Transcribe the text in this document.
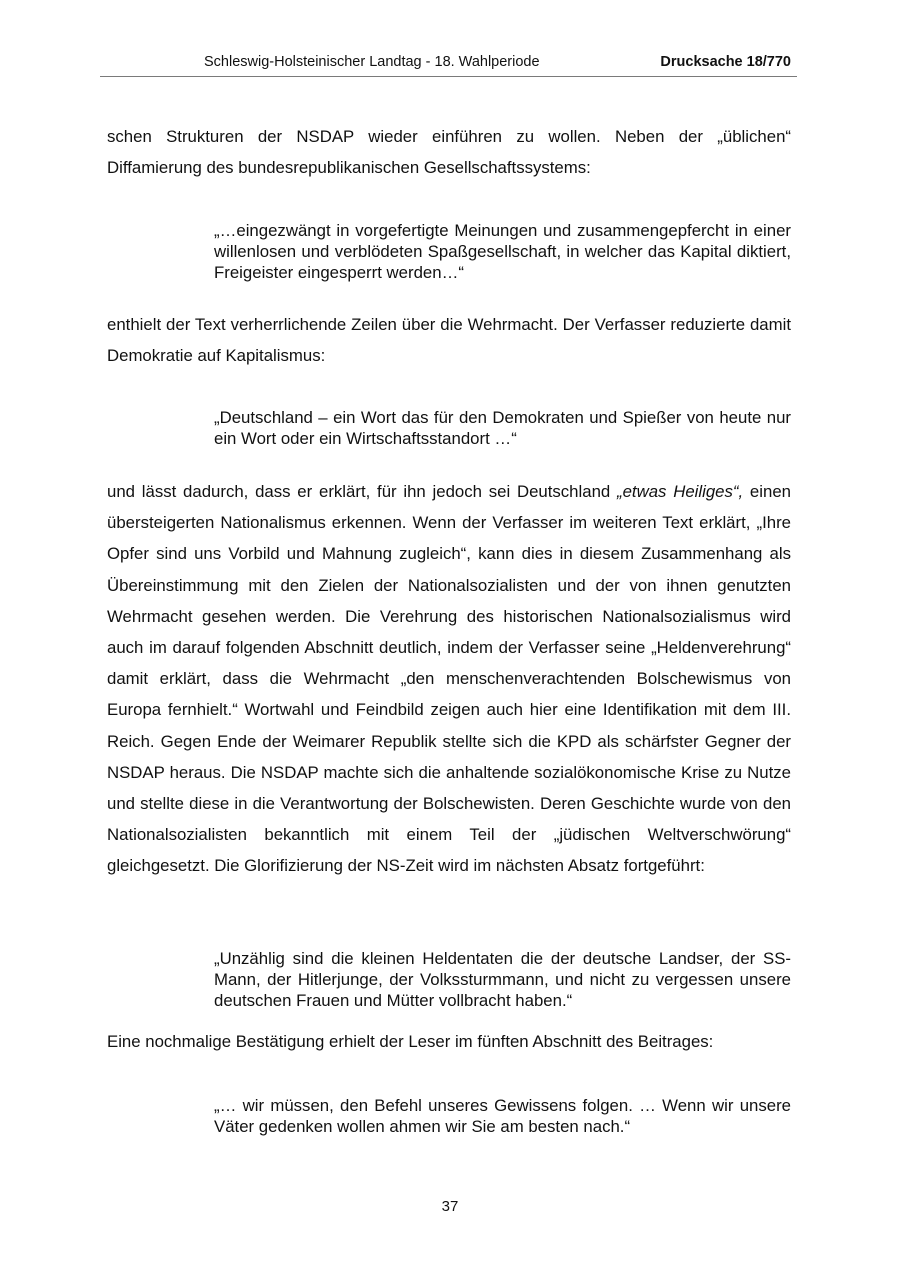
Schleswig-Holsteinischer Landtag - 18. Wahlperiode	Drucksache 18/770

schen Strukturen der NSDAP wieder einführen zu wollen. Neben der „üblichen“ Diffamierung des bundesrepublikanischen Gesellschaftssystems:

„…eingezwängt in vorgefertigte Meinungen und zusammengepfercht in einer willenlosen und verblödeten Spaßgesellschaft, in welcher das Kapital diktiert, Freigeister eingesperrt werden…“

enthielt der Text verherrlichende Zeilen über die Wehrmacht. Der Verfasser reduzierte damit Demokratie auf Kapitalismus:

„Deutschland – ein Wort das für den Demokraten und Spießer von heute nur ein Wort oder ein Wirtschaftsstandort …“

und lässt dadurch, dass er erklärt, für ihn jedoch sei Deutschland „etwas Heiliges“, einen übersteigerten Nationalismus erkennen. Wenn der Verfasser im weiteren Text erklärt, „Ihre Opfer sind uns Vorbild und Mahnung zugleich“, kann dies in diesem Zusammenhang als Übereinstimmung mit den Zielen der Nationalsozialisten und der von ihnen genutzten Wehrmacht gesehen werden. Die Verehrung des historischen Nationalsozialismus wird auch im darauf folgenden Abschnitt deutlich, indem der Verfasser seine „Heldenverehrung“ damit erklärt, dass die Wehrmacht „den menschenverachtenden Bolschewismus von Europa fernhielt.“ Wortwahl und Feindbild zeigen auch hier eine Identifikation mit dem III. Reich. Gegen Ende der Weimarer Republik stellte sich die KPD als schärfster Gegner der NSDAP heraus. Die NSDAP machte sich die anhaltende sozialökonomische Krise zu Nutze und stellte diese in die Verantwortung der Bolschewisten. Deren Geschichte wurde von den Nationalsozialisten bekanntlich mit einem Teil der „jüdischen Weltverschwörung“ gleichgesetzt. Die Glorifizierung der NS-Zeit wird im nächsten Absatz fortgeführt:

„Unzählig sind die kleinen Heldentaten die der deutsche Landser, der SS-Mann, der Hitlerjunge, der Volkssturmmann, und nicht zu vergessen unsere deutschen Frauen und Mütter vollbracht haben.“

Eine nochmalige Bestätigung erhielt der Leser im fünften Abschnitt des Beitrages:

„… wir müssen, den Befehl unseres Gewissens folgen. … Wenn wir unsere Väter gedenken wollen ahmen wir Sie am besten nach.“

37
